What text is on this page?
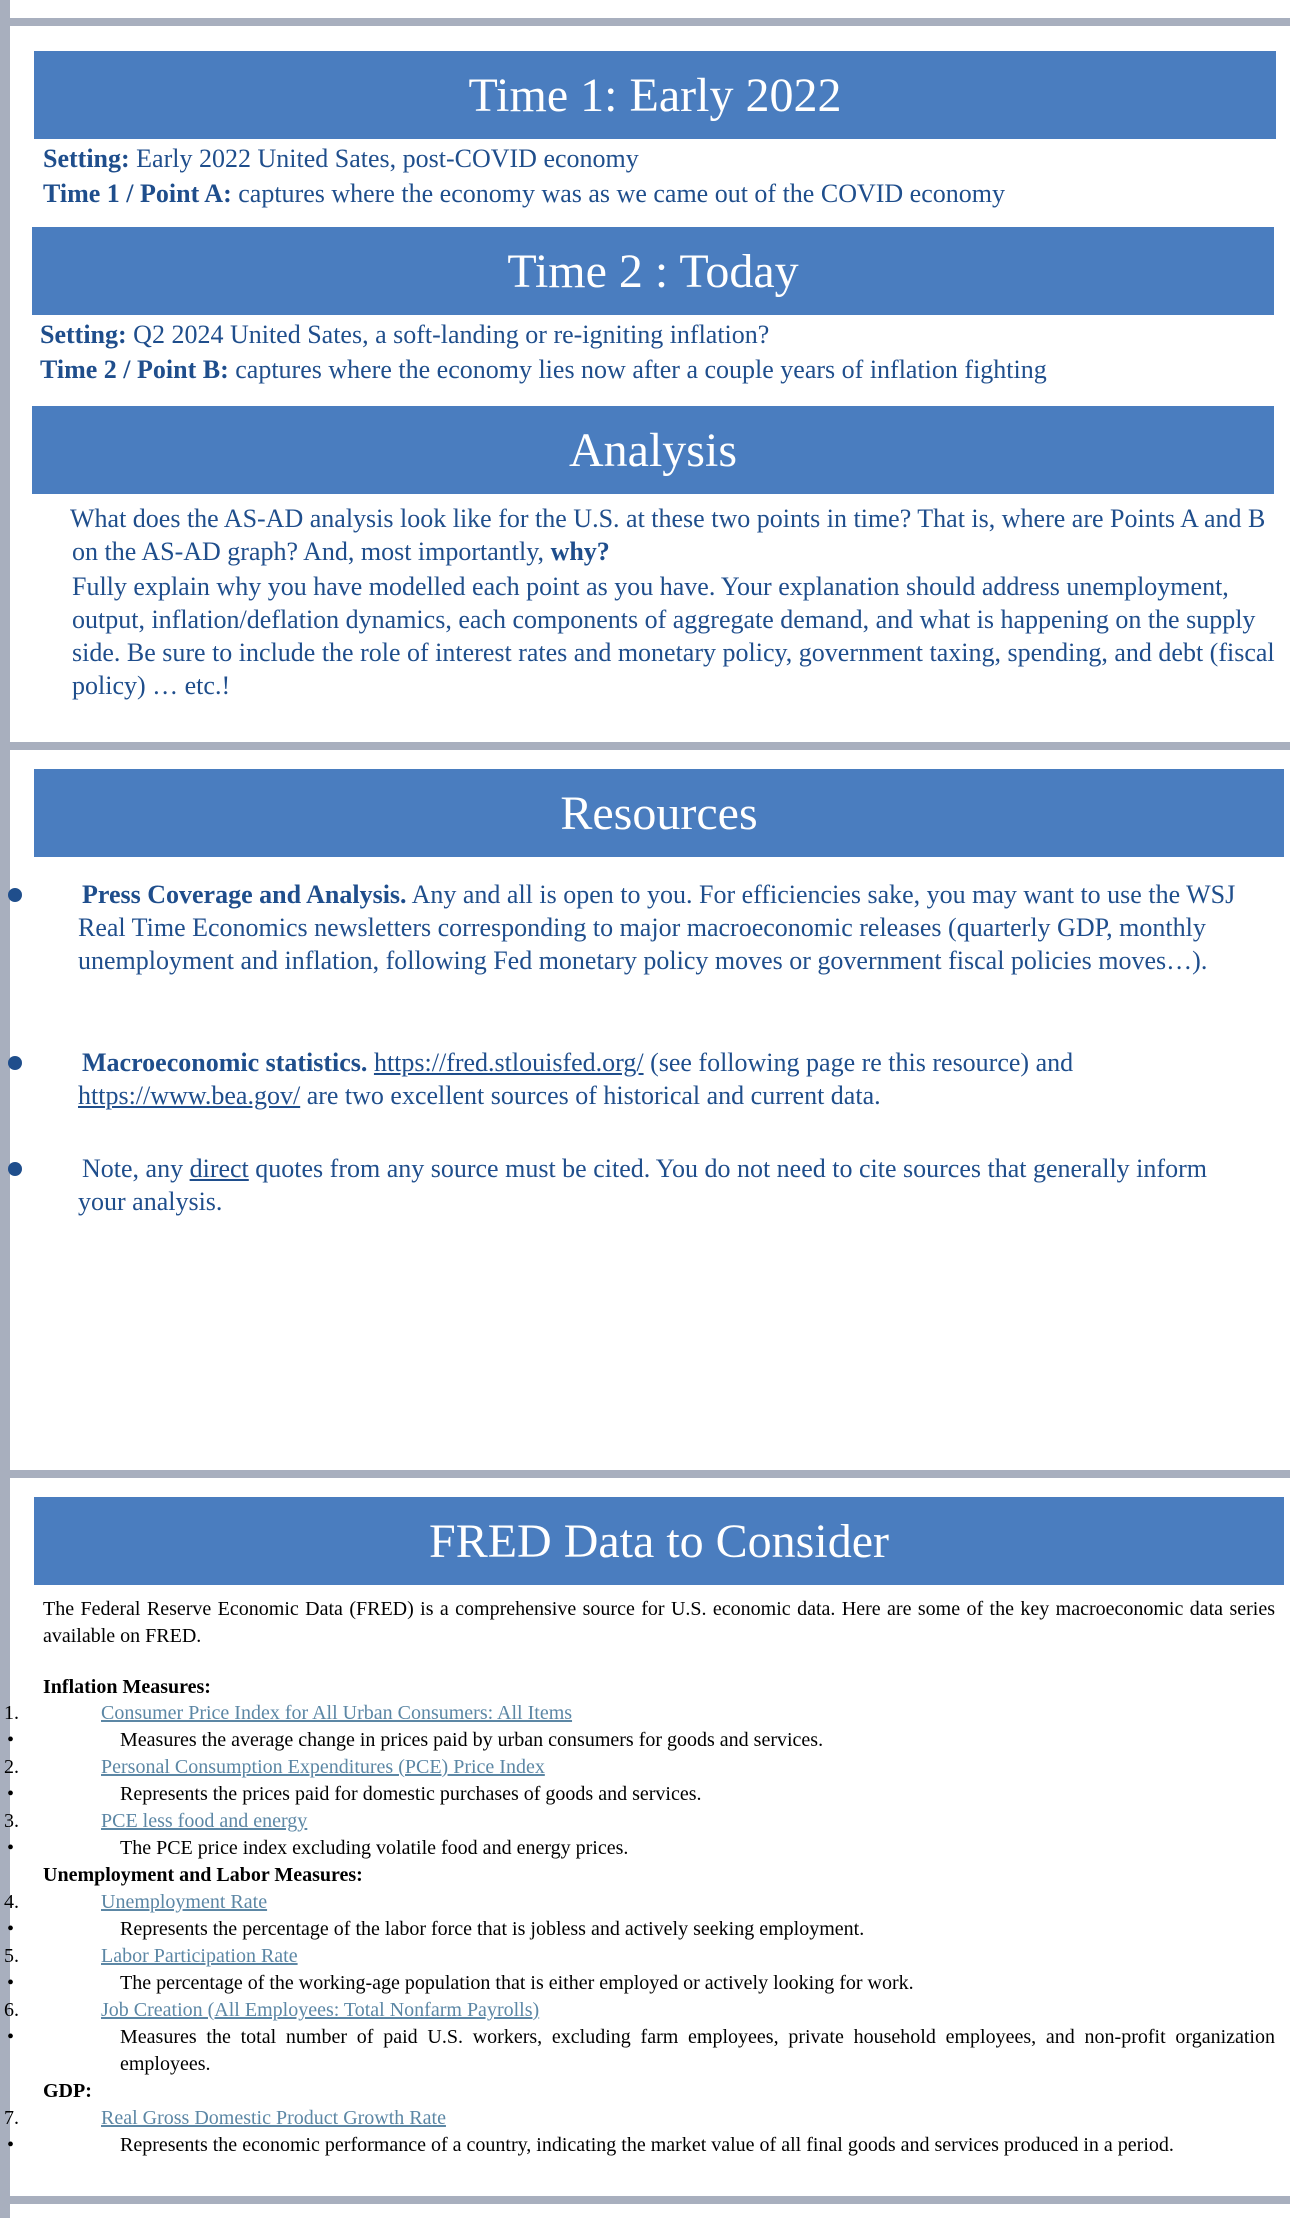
Time 1: Early 2022
Setting: Early 2022 United Sates, post-COVID economy
Time 1 / Point A: captures where the economy was as we came out of the COVID economy
Time 2 : Today
Setting: Q2 2024 United Sates, a soft-landing or re-igniting inflation?
Time 2 / Point B: captures where the economy lies now after a couple years of inflation fighting
Analysis
What does the AS-AD analysis look like for the U.S. at these two points in time? That is, where are Points A and B on the AS-AD graph? And, most importantly, why?
Fully explain why you have modelled each point as you have. Your explanation should address unemployment, output, inflation/deflation dynamics, each components of aggregate demand, and what is happening on the supply side. Be sure to include the role of interest rates and monetary policy, government taxing, spending, and debt (fiscal policy) … etc.!
Resources
Press Coverage and Analysis. Any and all is open to you. For efficiencies sake, you may want to use the WSJ Real Time Economics newsletters corresponding to major macroeconomic releases (quarterly GDP, monthly unemployment and inflation, following Fed monetary policy moves or government fiscal policies moves…).
Macroeconomic statistics. https://fred.stlouisfed.org/ (see following page re this resource) and
https://www.bea.gov/ are two excellent sources of historical and current data.
Note, any direct quotes from any source must be cited. You do not need to cite sources that generally inform your analysis.
FRED Data to Consider
The Federal Reserve Economic Data (FRED) is a comprehensive source for U.S. economic data. Here are some of the key macroeconomic data series available on FRED.
Inflation Measures:
1.	Consumer Price Index for All Urban Consumers: All Items
•	Measures the average change in prices paid by urban consumers for goods and services.
2.	Personal Consumption Expenditures (PCE) Price Index
•	Represents the prices paid for domestic purchases of goods and services.
3.	PCE less food and energy
•	The PCE price index excluding volatile food and energy prices.
Unemployment and Labor Measures:
4.	Unemployment Rate
•	Represents the percentage of the labor force that is jobless and actively seeking employment.
5.	Labor Participation Rate
•	The percentage of the working-age population that is either employed or actively looking for work.
6.	Job Creation (All Employees: Total Nonfarm Payrolls)
•	Measures the total number of paid U.S. workers, excluding farm employees, private household employees, and non-profit organization employees.
GDP:
7.	Real Gross Domestic Product Growth Rate
•	Represents the economic performance of a country, indicating the market value of all final goods and services produced in a period.
